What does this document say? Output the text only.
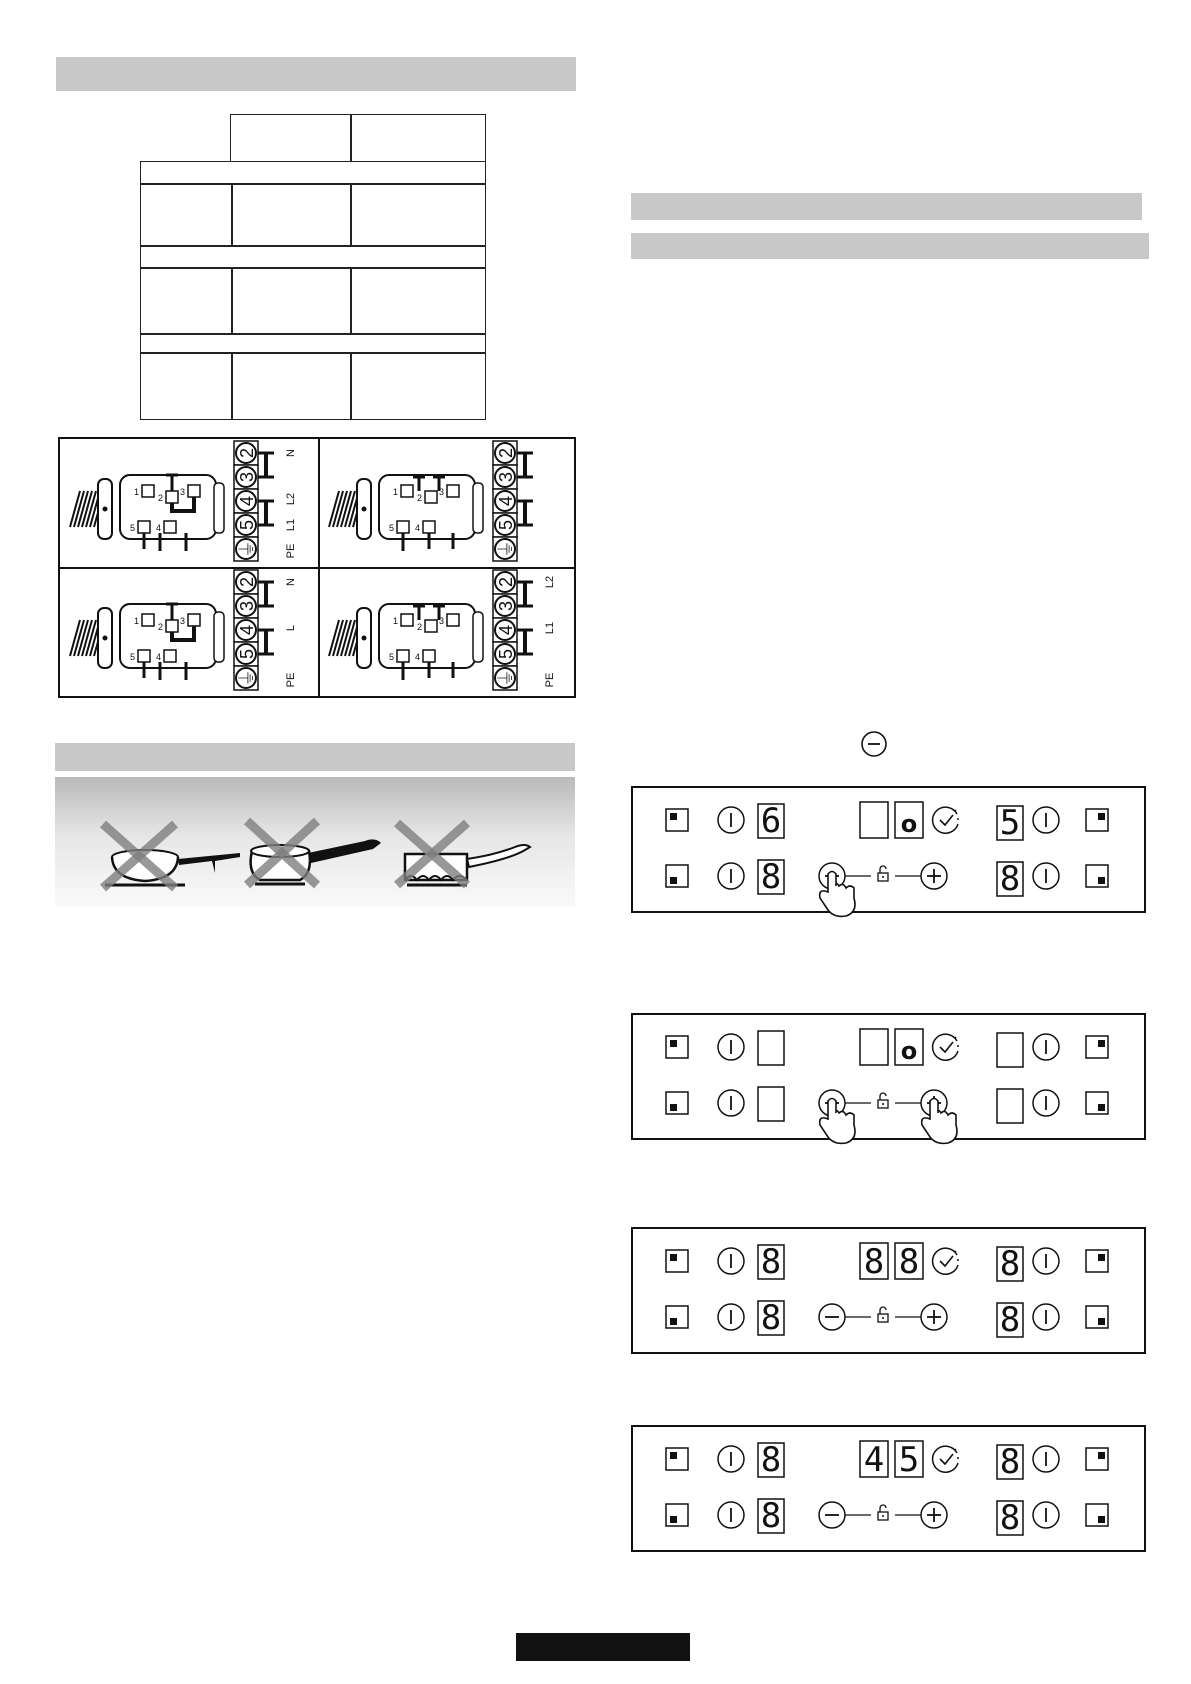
1
2
3
4
5
2
3
4
5
⏚
N
L2
L1
PE
1
2
3
4
5
2
3
4
5
⏚
1
2
3
4
5
2
3
4
5
⏚
N
L
PE
1
2
3
4
5
2
3
4
5
⏚
L2
L1
PE
6
8
o 5
8
o
8
8
8 8 8
8
8
8
4 5 8
8
